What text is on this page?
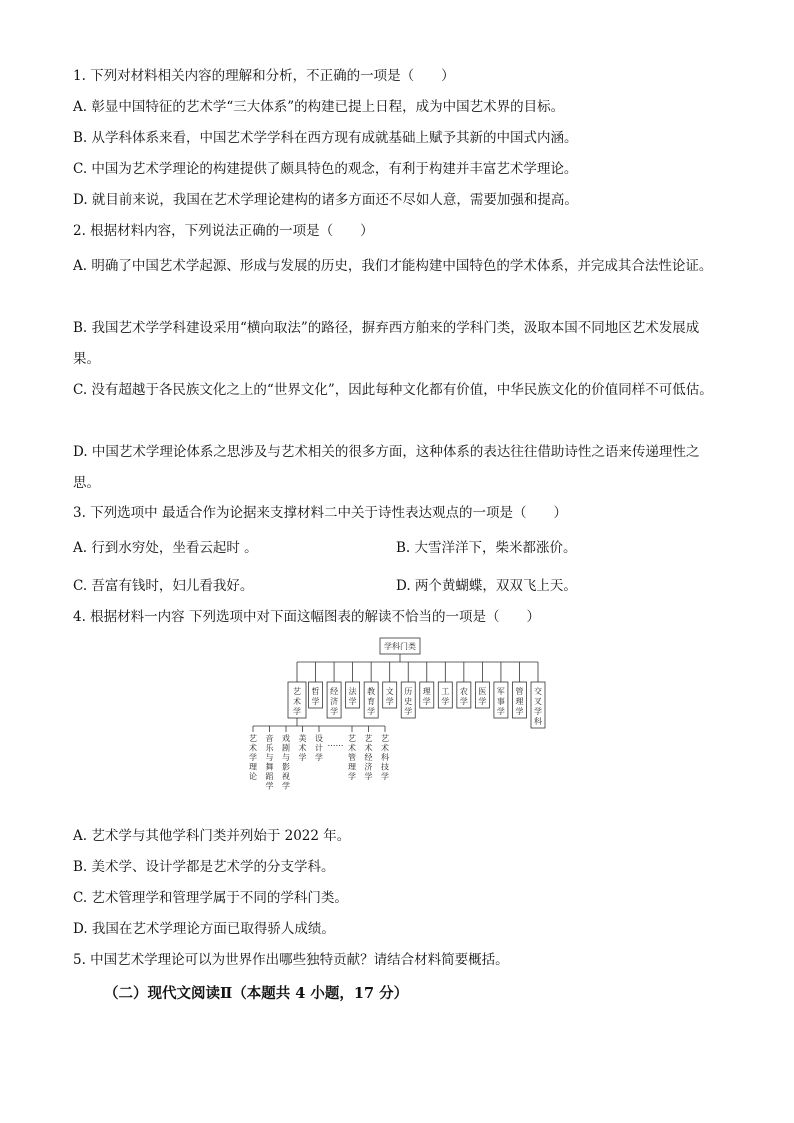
1. 下列对材料相关内容的理解和分析，不正确的一项是（　　）
A. 彰显中国特征的艺术学“三大体系”的构建已提上日程，成为中国艺术界的目标。
B. 从学科体系来看，中国艺术学学科在西方现有成就基础上赋予其新的中国式内涵。
C. 中国为艺术学理论的构建提供了颇具特色的观念，有利于构建并丰富艺术学理论。
D. 就目前来说，我国在艺术学理论建构的诸多方面还不尽如人意，需要加强和提高。
2. 根据材料内容，下列说法正确的一项是（　　）
A. 明确了中国艺术学起源、形成与发展的历史，我们才能构建中国特色的学术体系，并完成其合法性论证。
B. 我国艺术学学科建设采用“横向取法”的路径，摒弃西方舶来的学科门类，汲取本国不同地区艺术发展成果。
C. 没有超越于各民族文化之上的“世界文化”，因此每种文化都有价值，中华民族文化的价值同样不可低估。
D. 中国艺术学理论体系之思涉及与艺术相关的很多方面，这种体系的表达往往借助诗性之语来传递理性之思。
3. 下列选项中 最适合作为论据来支撑材料二中关于诗性表达观点的一项是（　　）
A. 行到水穷处，坐看云起时 。	B. 大雪洋洋下，柴米都涨价。
C. 吾富有钱时，妇儿看我好。	D. 两个黄蝴蝶，双双飞上天。
4. 根据材料一内容 下列选项中对下面这幅图表的解读不恰当的一项是（　　）
学科门类
艺术学
哲学
经济学
法学
教育学
文学
历史学
理学
工学
农学
医学
军事学
管理学
交叉学科
艺术学理论
音乐与舞蹈学
戏剧与影视学
美术学
设计学
……
艺术管理学
艺术经济学
艺术科技学
A. 艺术学与其他学科门类并列始于 2022 年。
B. 美术学、设计学都是艺术学的分支学科。
C. 艺术管理学和管理学属于不同的学科门类。
D. 我国在艺术学理论方面已取得骄人成绩。
5. 中国艺术学理论可以为世界作出哪些独特贡献？请结合材料简要概括。
（二）现代文阅读Ⅱ（本题共 4 小题，17 分）
